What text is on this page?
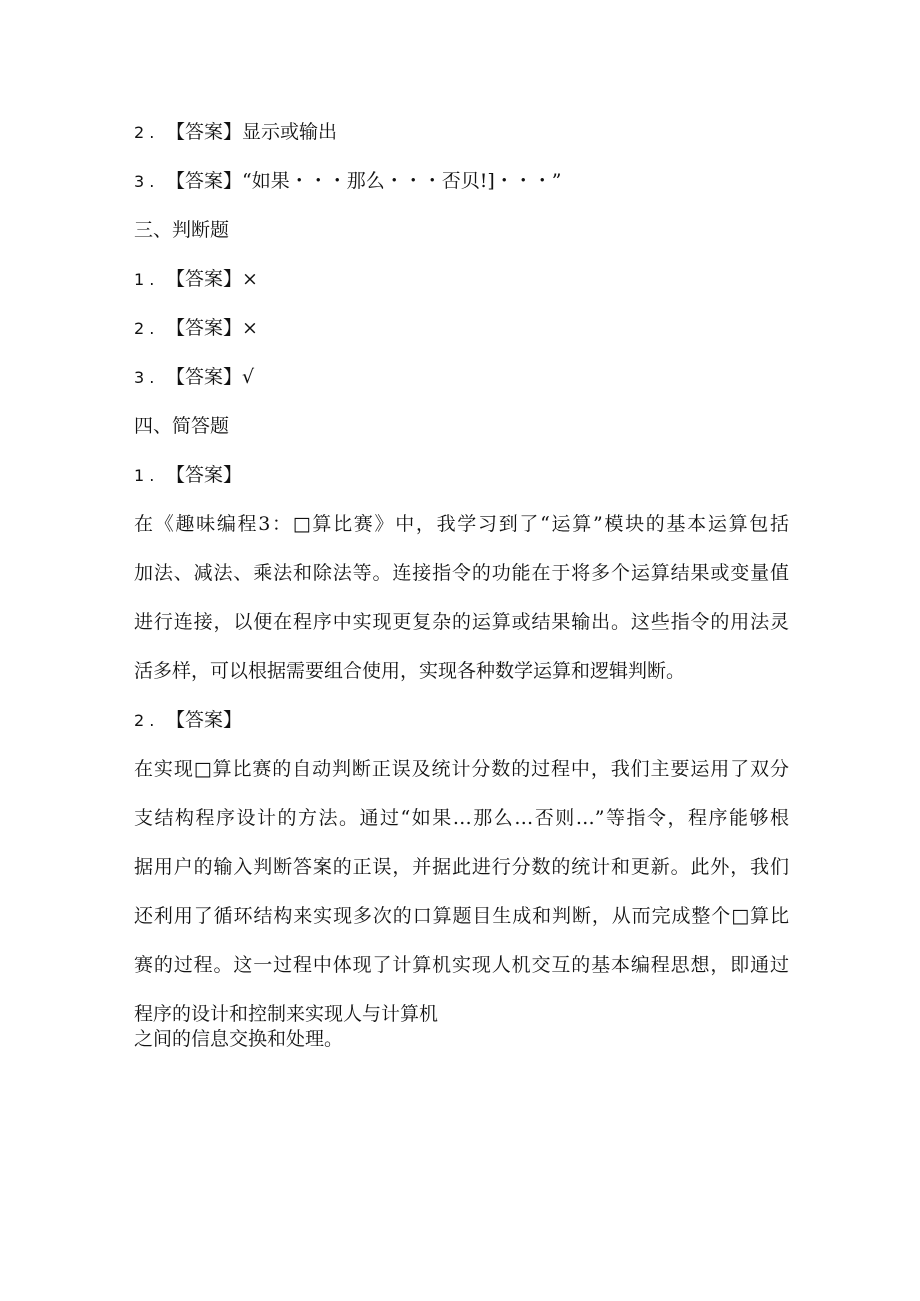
2 . 【答案】显示或输出
3 . 【答案】“如果・・・那么・・・否贝!]・・・”
三、判断题
1 . 【答案】×
2 . 【答案】×
3 . 【答案】√
四、简答题
1 . 【答案】
在《趣味编程3：□算比赛》中，我学习到了“运算”模块的基本运算包括
加法、减法、乘法和除法等。连接指令的功能在于将多个运算结果或变量值
进行连接，以便在程序中实现更复杂的运算或结果输出。这些指令的用法灵
活多样，可以根据需要组合使用，实现各种数学运算和逻辑判断。
2 . 【答案】
在实现□算比赛的自动判断正误及统计分数的过程中，我们主要运用了双分
支结构程序设计的方法。通过“如果…那么…否则…”等指令，程序能够根
据用户的输入判断答案的正误，并据此进行分数的统计和更新。此外，我们
还利用了循环结构来实现多次的口算题目生成和判断，从而完成整个□算比
赛的过程。这一过程中体现了计算机实现人机交互的基本编程思想，即通过
程序的设计和控制来实现人与计算机
之间的信息交换和处理。
